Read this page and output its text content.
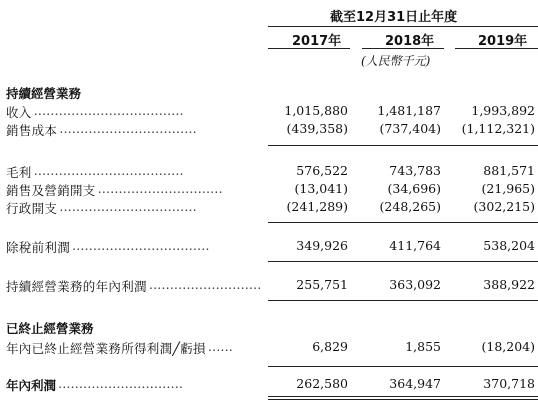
截至12月31日止年度
2017年	2018年	2019年
(人民幣千元)
持續經營業務
收入 ………………………………	1,015,880 1,481,187 1,993,892
銷售成本 ……………………………	(439,358)	(737,404) (1,112,321)
毛利 ………………………………	576,522	743,783	881,571
銷售及營銷開支 …………………………	(13,041)	(34,696)	(21,965)
行政開支 ……………………………	(241,289)	(248,265)	(302,215)
除稅前利潤 ……………………………	349,926	411,764	538,204
持續經營業務的年內利潤 ………………………	255,751	363,092	388,922
年內已終止經營業務所得利潤╱虧損 ……	6,829	1,855	(18,204)
年內利潤 …………………………	262,580	364,947	370,718
已終止經營業務
